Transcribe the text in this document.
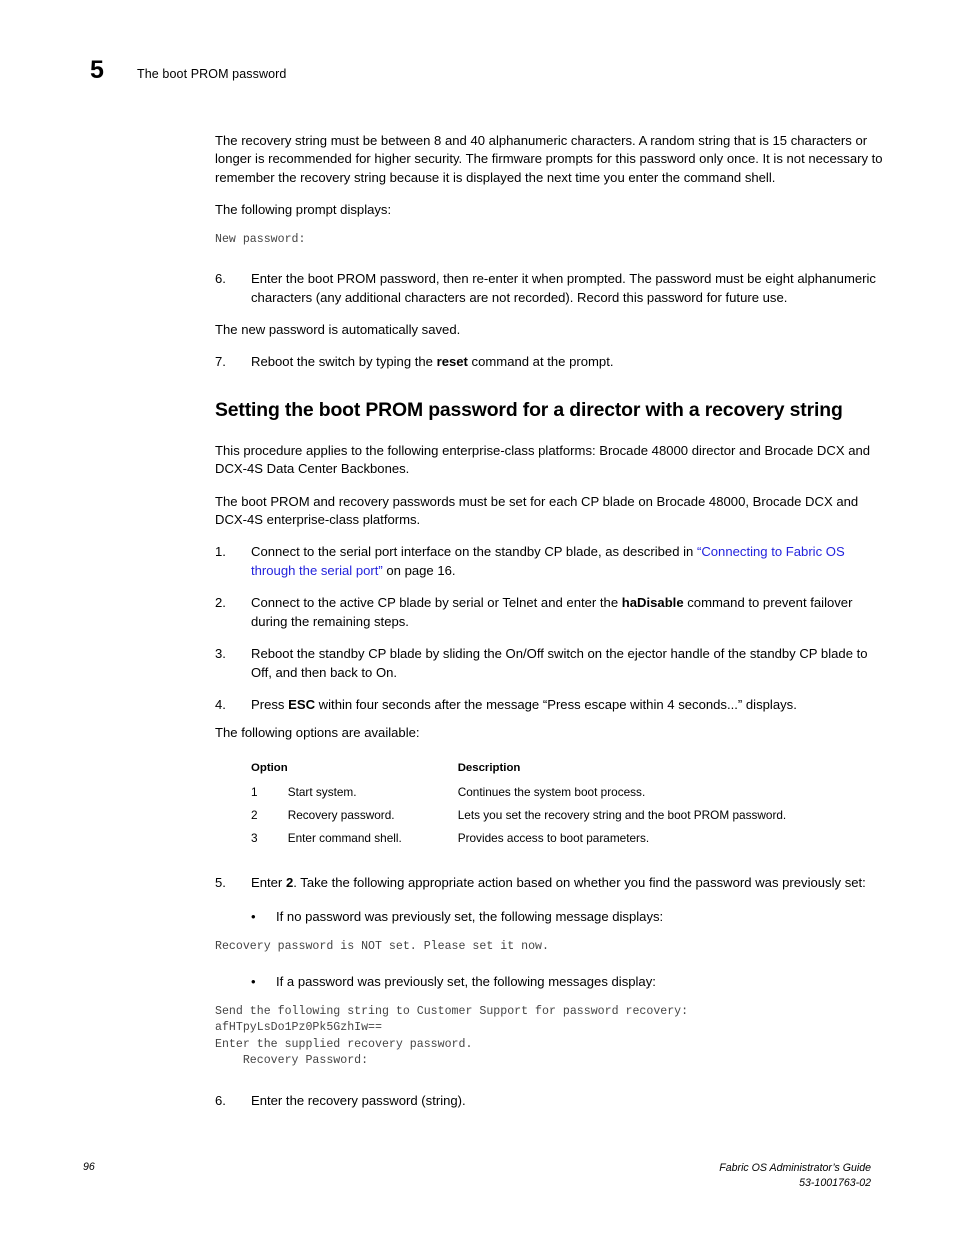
5	The boot PROM password

The recovery string must be between 8 and 40 alphanumeric characters. A random string that is 15 characters or longer is recommended for higher security. The firmware prompts for this password only once. It is not necessary to remember the recovery string because it is displayed the next time you enter the command shell.

The following prompt displays:

New password:
6.	Enter the boot PROM password, then re-enter it when prompted. The password must be eight alphanumeric characters (any additional characters are not recorded). Record this password for future use.

The new password is automatically saved.

7.	Reboot the switch by typing the reset command at the prompt.
Setting the boot PROM password for a director with a recovery string

This procedure applies to the following enterprise-class platforms: Brocade 48000 director and Brocade DCX and DCX-4S Data Center Backbones.

The boot PROM and recovery passwords must be set for each CP blade on Brocade 48000, Brocade DCX and DCX-4S enterprise-class platforms.

1.	Connect to the serial port interface on the standby CP blade, as described in “Connecting to Fabric OS through the serial port” on page 16.
2.	Connect to the active CP blade by serial or Telnet and enter the haDisable command to prevent failover during the remaining steps.
3.	Reboot the standby CP blade by sliding the On/Off switch on the ejector handle of the standby CP blade to Off, and then back to On.
4.	Press ESC within four seconds after the message “Press escape within 4 seconds...” displays.

The following options are available:

Option		Description
1	Start system.	Continues the system boot process.
2	Recovery password.	Lets you set the recovery string and the boot PROM password.
3	Enter command shell.	Provides access to boot parameters.
5.	Enter 2. Take the following appropriate action based on whether you find the password was previously set:
•	If no password was previously set, the following message displays:
Recovery password is NOT set. Please set it now.
•	If a password was previously set, the following messages display:
Send the following string to Customer Support for password recovery:
afHTpyLsDo1Pz0Pk5GzhIw==
Enter the supplied recovery password.
Recovery Password:
6.	Enter the recovery password (string).
96	Fabric OS Administrator’s Guide
53-1001763-02
